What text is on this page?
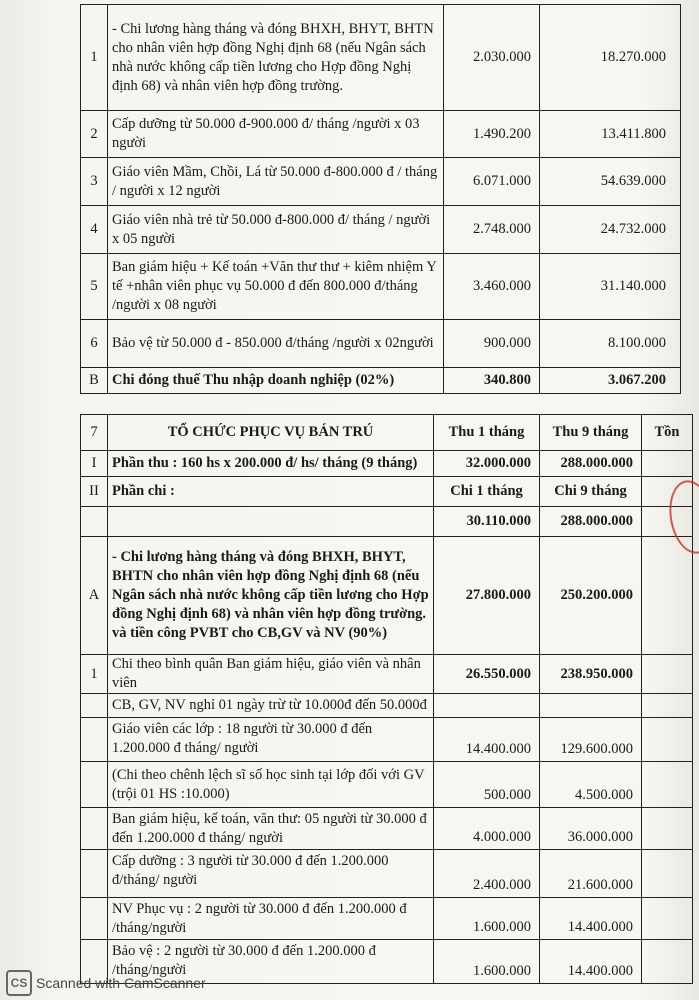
1	- Chi lương hàng tháng và đóng BHXH, BHYT, BHTN cho nhân viên hợp đồng Nghị định 68 (nếu Ngân sách nhà nước không cấp tiền lương cho Hợp đồng Nghị định 68) và nhân viên hợp đồng trường.	2.030.000	18.270.000
2	Cấp dưỡng từ 50.000 đ-900.000 đ/ tháng /người x 03 người	1.490.200	13.411.800
3	Giáo viên Mầm, Chồi, Lá từ 50.000 đ-800.000 đ / tháng / người x 12 người	6.071.000	54.639.000
4	Giáo viên nhà trẻ từ 50.000 đ-800.000 đ/ tháng / người x 05 người	2.748.000	24.732.000
5	Ban giám hiệu + Kế toán +Văn thư thư + kiêm nhiệm Y tế +nhân viên phục vụ 50.000 đ đến 800.000 đ/tháng /người x 08 người	3.460.000	31.140.000
6	Bảo vệ từ 50.000 đ - 850.000 đ/tháng /người x 02người	900.000	8.100.000
B	Chi đóng thuế Thu nhập doanh nghiệp (02%)	340.800	3.067.200
7	TỔ CHỨC PHỤC VỤ BÁN TRÚ	Thu 1 tháng	Thu 9 tháng	Tồn
I	Phần thu : 160 hs x 200.000 đ/ hs/ tháng (9 tháng)	32.000.000	288.000.000	
II	Phần chi :	Chi 1 tháng	Chi 9 tháng	
		30.110.000	288.000.000	
A	- Chi lương hàng tháng và đóng BHXH, BHYT, BHTN cho nhân viên hợp đồng Nghị định 68 (nếu Ngân sách nhà nước không cấp tiền lương cho Hợp đồng Nghị định 68) và nhân viên hợp đồng trường. và tiền công PVBT cho CB,GV và NV (90%)	27.800.000	250.200.000	
1	Chi theo bình quân Ban giám hiệu, giáo viên và nhân viên	26.550.000	238.950.000	
	CB, GV, NV nghỉ 01 ngày trừ từ 10.000đ đến 50.000đ			
	Giáo viên các lớp : 18 người từ 30.000 đ đến 1.200.000 đ tháng/ người	14.400.000	129.600.000	
	(Chi theo chênh lệch sĩ số học sinh tại lớp đối với GV (trội 01 HS :10.000)	500.000	4.500.000	
	Ban giám hiệu, kế toán, văn thư: 05 người từ 30.000 đ đến 1.200.000 đ tháng/ người	4.000.000	36.000.000	
	Cấp dưỡng : 3 người từ 30.000 đ đến 1.200.000 đ/tháng/ người	2.400.000	21.600.000	
	NV Phục vụ : 2 người từ 30.000 đ đến 1.200.000 đ /tháng/người	1.600.000	14.400.000	
	Bảo vệ : 2 người từ 30.000 đ đến 1.200.000 đ /tháng/người	1.600.000	14.400.000	
CS Scanned with CamScanner
